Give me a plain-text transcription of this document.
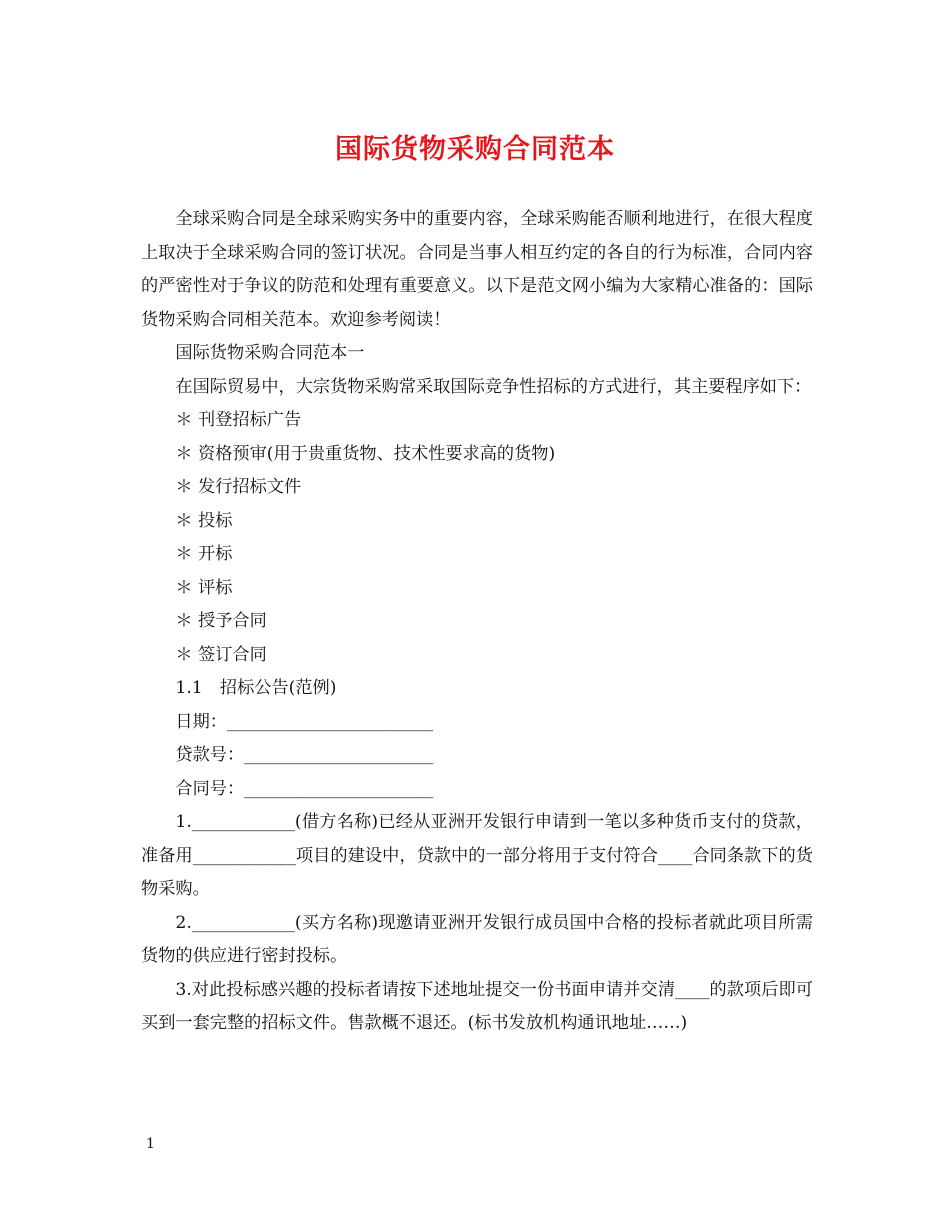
国际货物采购合同范本

全球采购合同是全球采购实务中的重要内容，全球采购能否顺利地进行，在很大程度上取决于全球采购合同的签订状况。合同是当事人相互约定的各自的行为标准，合同内容的严密性对于争议的防范和处理有重要意义。以下是范文网小编为大家精心准备的：国际货物采购合同相关范本。欢迎参考阅读！

国际货物采购合同范本一

在国际贸易中，大宗货物采购常采取国际竞争性招标的方式进行，其主要程序如下：

＊ 刊登招标广告

＊ 资格预审(用于贵重货物、技术性要求高的货物)

＊ 发行招标文件

＊ 投标

＊ 开标

＊ 评标

＊ 授予合同

＊ 签订合同

1.1　招标公告(范例)

日期：________________________

贷款号：______________________

合同号：______________________

1.____________(借方名称)已经从亚洲开发银行申请到一笔以多种货币支付的贷款，准备用____________项目的建设中，贷款中的一部分将用于支付符合____合同条款下的货物采购。

2.____________(买方名称)现邀请亚洲开发银行成员国中合格的投标者就此项目所需货物的供应进行密封投标。

3.对此投标感兴趣的投标者请按下述地址提交一份书面申请并交清____的款项后即可买到一套完整的招标文件。售款概不退还。(标书发放机构通讯地址……)

1
